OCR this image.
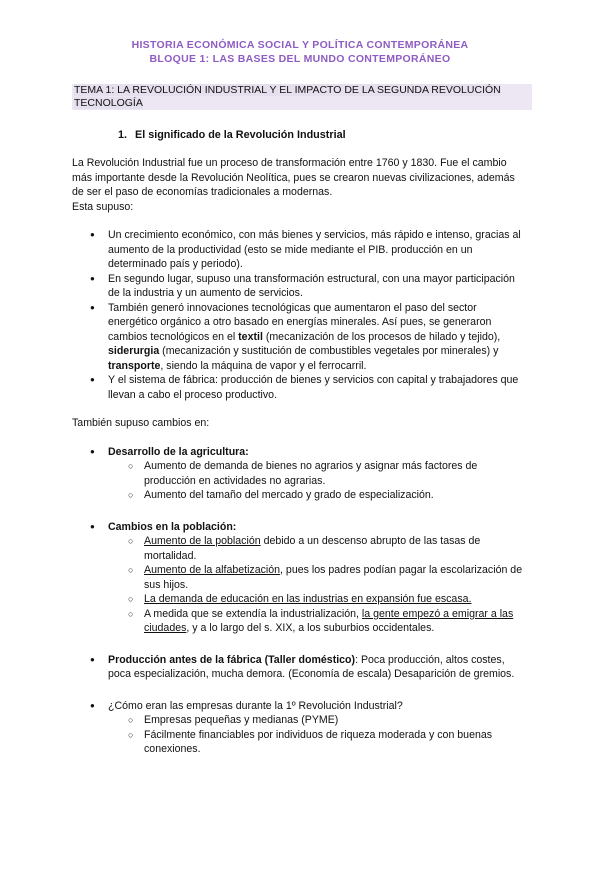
HISTORIA ECONÓMICA SOCIAL Y POLÍTICA CONTEMPORÁNEA
BLOQUE 1: LAS BASES DEL MUNDO CONTEMPORÁNEO
TEMA 1: LA REVOLUCIÓN INDUSTRIAL Y EL IMPACTO DE LA SEGUNDA REVOLUCIÓN TECNOLOGÍA
1. El significado de la Revolución Industrial

La Revolución Industrial fue un proceso de transformación entre 1760 y 1830. Fue el cambio más importante desde la Revolución Neolítica, pues se crearon nuevas civilizaciones, además de ser el paso de economías tradicionales a modernas.

Esta supuso:

● Un crecimiento económico, con más bienes y servicios, más rápido e intenso, gracias al aumento de la productividad (esto se mide mediante el PIB. producción en un determinado país y periodo).
● En segundo lugar, supuso una transformación estructural, con una mayor participación de la industria y un aumento de servicios.
● También generó innovaciones tecnológicas que aumentaron el paso del sector energético orgánico a otro basado en energías minerales. Así pues, se generaron cambios tecnológicos en el textil (mecanización de los procesos de hilado y tejido), siderurgia (mecanización y sustitución de combustibles vegetales por minerales) y transporte, siendo la máquina de vapor y el ferrocarril.
● Y el sistema de fábrica: producción de bienes y servicios con capital y trabajadores que llevan a cabo el proceso productivo.

También supuso cambios en:

● Desarrollo de la agricultura:
○ Aumento de demanda de bienes no agrarios y asignar más factores de producción en actividades no agrarias.
○ Aumento del tamaño del mercado y grado de especialización.
● Cambios en la población:
○ Aumento de la población debido a un descenso abrupto de las tasas de mortalidad.
○ Aumento de la alfabetización, pues los padres podían pagar la escolarización de sus hijos.
○ La demanda de educación en las industrias en expansión fue escasa.
○ A medida que se extendía la industrialización, la gente empezó a emigrar a las ciudades, y a lo largo del s. XIX, a los suburbios occidentales.
● Producción antes de la fábrica (Taller doméstico): Poca producción, altos costes, poca especialización, mucha demora. (Economía de escala) Desaparición de gremios.
● ¿Cómo eran las empresas durante la 1º Revolución Industrial?
○ Empresas pequeñas y medianas (PYME)
○ Fácilmente financiables por individuos de riqueza moderada y con buenas conexiones.
